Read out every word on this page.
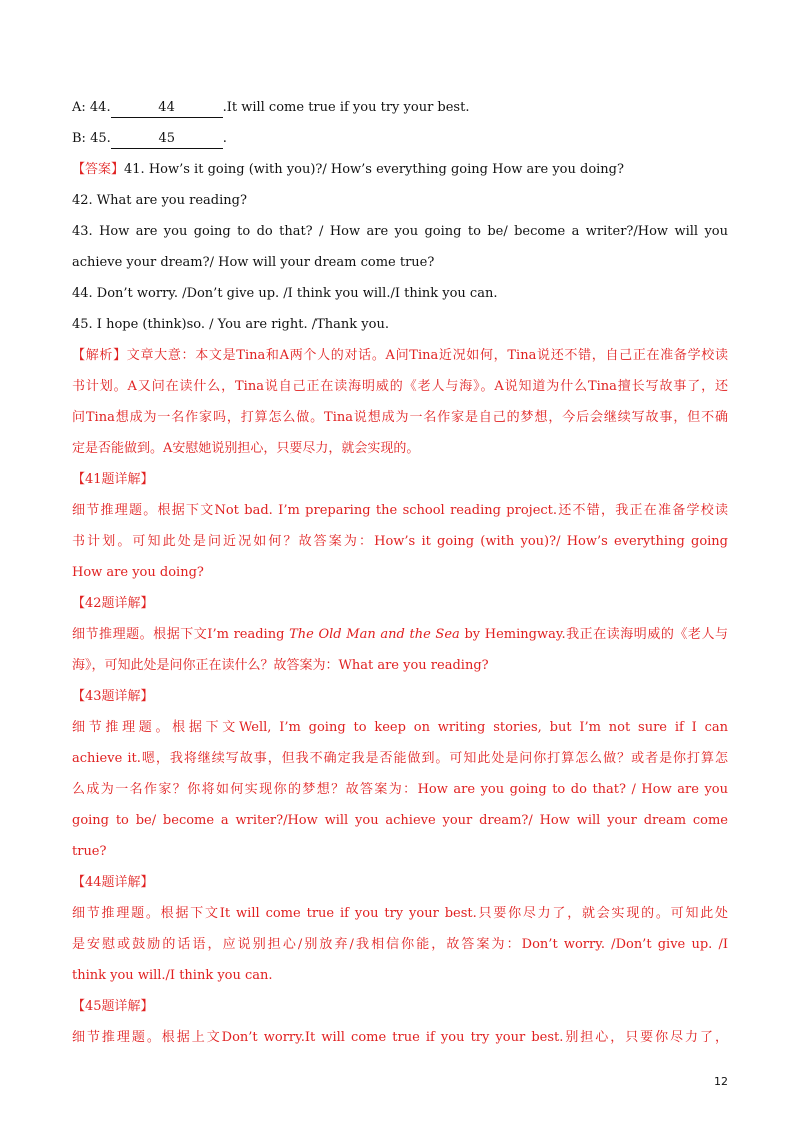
A: 44.	44	.It will come true if you try your best.
B: 45.	45	.
【答案】41. How’s it going (with you)?/ How’s everything going How are you doing?
42. What are you reading?
43. How are you going to do that? / How are you going to be/ become a writer?/How will you
achieve your dream?/ How will your dream come true?
44. Don’t worry. /Don’t give up. /I think you will./I think you can.
45. I hope (think)so. / You are right. /Thank you.
【解析】文章大意：本文是Tina和A两个人的对话。A问Tina近况如何，Tina说还不错，自己正在准备学校读
书计划。A又问在读什么，Tina说自己正在读海明威的《老人与海》。A说知道为什么Tina擅长写故事了，还
问Tina想成为一名作家吗，打算怎么做。Tina说想成为一名作家是自己的梦想，今后会继续写故事，但不确
定是否能做到。A安慰她说别担心，只要尽力，就会实现的。
【41题详解】
细节推理题。根据下文Not bad. I’m preparing the school reading project.还不错，我正在准备学校读
书计划。可知此处是问近况如何？故答案为：How’s it going (with you)?/ How’s everything going
How are you doing?
【42题详解】
细节推理题。根据下文I’m reading The Old Man and the Sea by Hemingway.我正在读海明威的《老人与
海》，可知此处是问你正在读什么？故答案为：What are you reading?
【43题详解】
细节推理题。根据下文Well, I’m going to keep on writing stories, but I’m not sure if I can
achieve it.嗯，我将继续写故事，但我不确定我是否能做到。可知此处是问你打算怎么做？或者是你打算怎
么成为一名作家？你将如何实现你的梦想？故答案为：How are you going to do that? / How are you
going to be/ become a writer?/How will you achieve your dream?/ How will your dream come
true?
【44题详解】
细节推理题。根据下文It will come true if you try your best.只要你尽力了，就会实现的。可知此处
是安慰或鼓励的话语，应说别担心/别放弃/我相信你能，故答案为：Don’t worry. /Don’t give up. /I
think you will./I think you can.
【45题详解】
细节推理题。根据上文Don’t worry.It will come true if you try your best.别担心，只要你尽力了，
12
